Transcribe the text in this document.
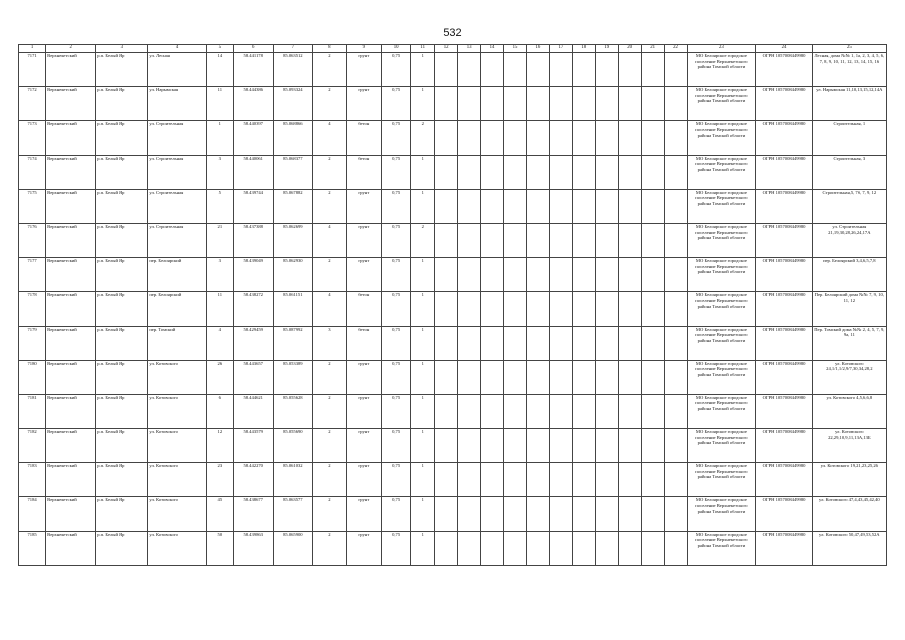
532
1	2	3	4	5	6	7	8	9	10	11	12	13	14	15	16	17	18	19	20	21	22	23	24	25
7171	Верхнекетский	р.п. Белый Яр	ул. Лесная	14	58.441178	85.063512	2	грунт	0,75	1												МО Белоярское городское поселение Верхнекетского района Томской области	ОГРН 1057008449980	Лесная, дома №№ 1, 1а, 2, 3, 4, 5, 6, 7, 8, 9, 10, 11, 12, 13, 14, 15, 16
7172	Верхнекетский	р.п. Белый Яр	ул. Нарымская	11	58.444386	85.093324	2	грунт	0,75	1												МО Белоярское городское поселение Верхнекетского района Томской области	ОГРН 1057008449980	ул. Нарымская 11,10,13,15,12,14А
7173	Верхнекетский	р.п. Белый Яр	ул. Строительная	1	58.440397	85.068866	4	бетон	0,75	2												МО Белоярское городское поселение Верхнекетского района Томской области	ОГРН 1057008449980	Строительная, 1
7174	Верхнекетский	р.п. Белый Яр	ул. Строительная	3	58.440061	85.068377	2	бетон	0,75	1												МО Белоярское городское поселение Верхнекетского района Томской области	ОГРН 1057008449980	Строительная, 3
7175	Верхнекетский	р.п. Белый Яр	ул. Строительная	5	58.439744	85.067882	2	грунт	0,75	1												МО Белоярское городское поселение Верхнекетского района Томской области	ОГРН 1057008449980	Строительная,5, 7б, 7, 9, 12
7176	Верхнекетский	р.п. Белый Яр	ул. Строительная	21	58.437388	85.062699	4	грунт	0,75	2												МО Белоярское городское поселение Верхнекетского района Томской области	ОГРН 1057008449980	ул. Строительная 21,19,30,28,26,24,17А
7177	Верхнекетский	р.п. Белый Яр	пер. Белоярский	3	58.439049	85.062930	2	грунт	0,75	1												МО Белоярское городское поселение Верхнекетского района Томской области	ОГРН 1057008449980	пер. Белоярский 3,4,6,5,7,8
7178	Верхнекетский	р.п. Белый Яр	пер. Белоярский	11	58.438272	85.061151	4	бетон	0,75	1												МО Белоярское городское поселение Верхнекетского района Томской области	ОГРН 1057008449980	Пер. Белоярский дома №№ 7, 9, 10, 11, 12
7179	Верхнекетский	р.п. Белый Яр	пер. Томский	4	58.429459	85.087992	3	бетон	0,75	1												МО Белоярское городское поселение Верхнекетского района Томской области	ОГРН 1057008449980	Пер. Томский дома №№ 2, 4, 5, 7, 9, 9а, 11
7180	Верхнекетский	р.п. Белый Яр	ул. Котовского	26	58.443657	85.053389	2	грунт	0,75	1												МО Белоярское городское поселение Верхнекетского района Томской области	ОГРН 1057008449980	ул. Котовского 24,1/1,1/2,9/7,30,34,28,2
7181	Верхнекетский	р.п. Белый Яр	ул. Котовского	6	58.444621	85.055628	2	грунт	0,75	1												МО Белоярское городское поселение Верхнекетского района Томской области	ОГРН 1057008449980	ул. Котовского 4,5,6,6,8
7182	Верхнекетский	р.п. Белый Яр	ул. Котовского	12	58.443579	85.055690	2	грунт	0,75	1												МО Белоярское городское поселение Верхнекетского района Томской области	ОГРН 1057008449980	ул. Котовского 22,29,10,9,11,13А,13Б
7183	Верхнекетский	р.п. Белый Яр	ул. Котовского	23	58.442270	85.061032	2	грунт	0,75	1												МО Белоярское городское поселение Верхнекетского района Томской области	ОГРН 1057008449980	ул. Котовского 19,21,23,25,26
7184	Верхнекетский	р.п. Белый Яр	ул. Котовского	45	58.438677	85.063577	2	грунт	0,75	1												МО Белоярское городское поселение Верхнекетского района Томской области	ОГРН 1057008449980	ул. Котовского 47,4,43,45,42,40
7185	Верхнекетский	р.п. Белый Яр	ул. Котовского	50	58.439863	85.065900	2	грунт	0,75	1												МО Белоярское городское поселение Верхнекетского района Томской области	ОГРН 1057008449980	ул. Котовского 50,47,49,53,52А
